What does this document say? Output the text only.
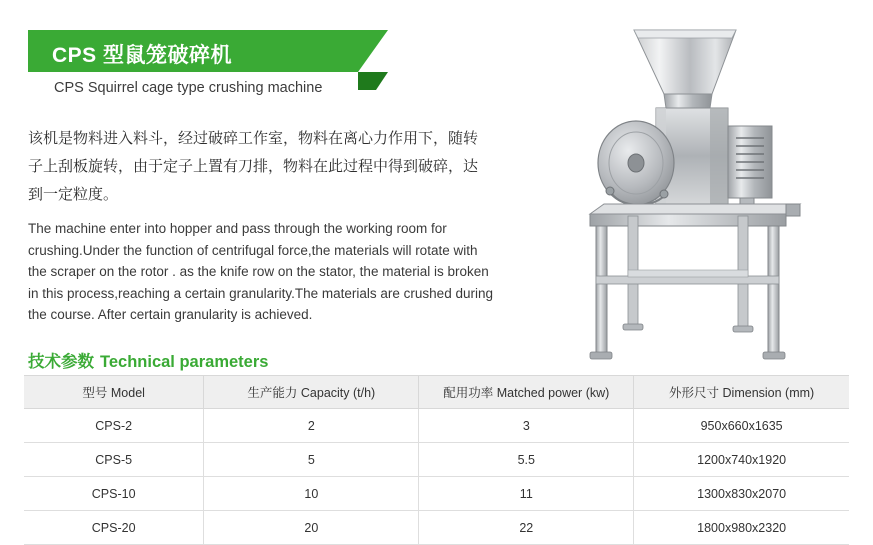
CPS 型鼠笼破碎机
CPS Squirrel cage type crushing machine
该机是物料进入料斗，经过破碎工作室，物料在离心力作用下，随转子上刮板旋转，由于定子上置有刀排，物料在此过程中得到破碎，达到一定粒度。
The machine enter into hopper and pass through the working room for crushing.Under the function of centrifugal force,the materials will rotate with the scraper on the rotor . as the knife row on the stator, the material is broken in this process,reaching a certain granularity.The materials are crushed during the course. After certain granularity is achieved.
技术参数 Technical parameters
型号 Model	生产能力 Capacity (t/h)	配用功率 Matched power (kw)	外形尺寸 Dimension (mm)
CPS-2	2	3	950x660x1635
CPS-5	5	5.5	1200x740x1920
CPS-10	10	11	1300x830x2070
CPS-20	20	22	1800x980x2320
